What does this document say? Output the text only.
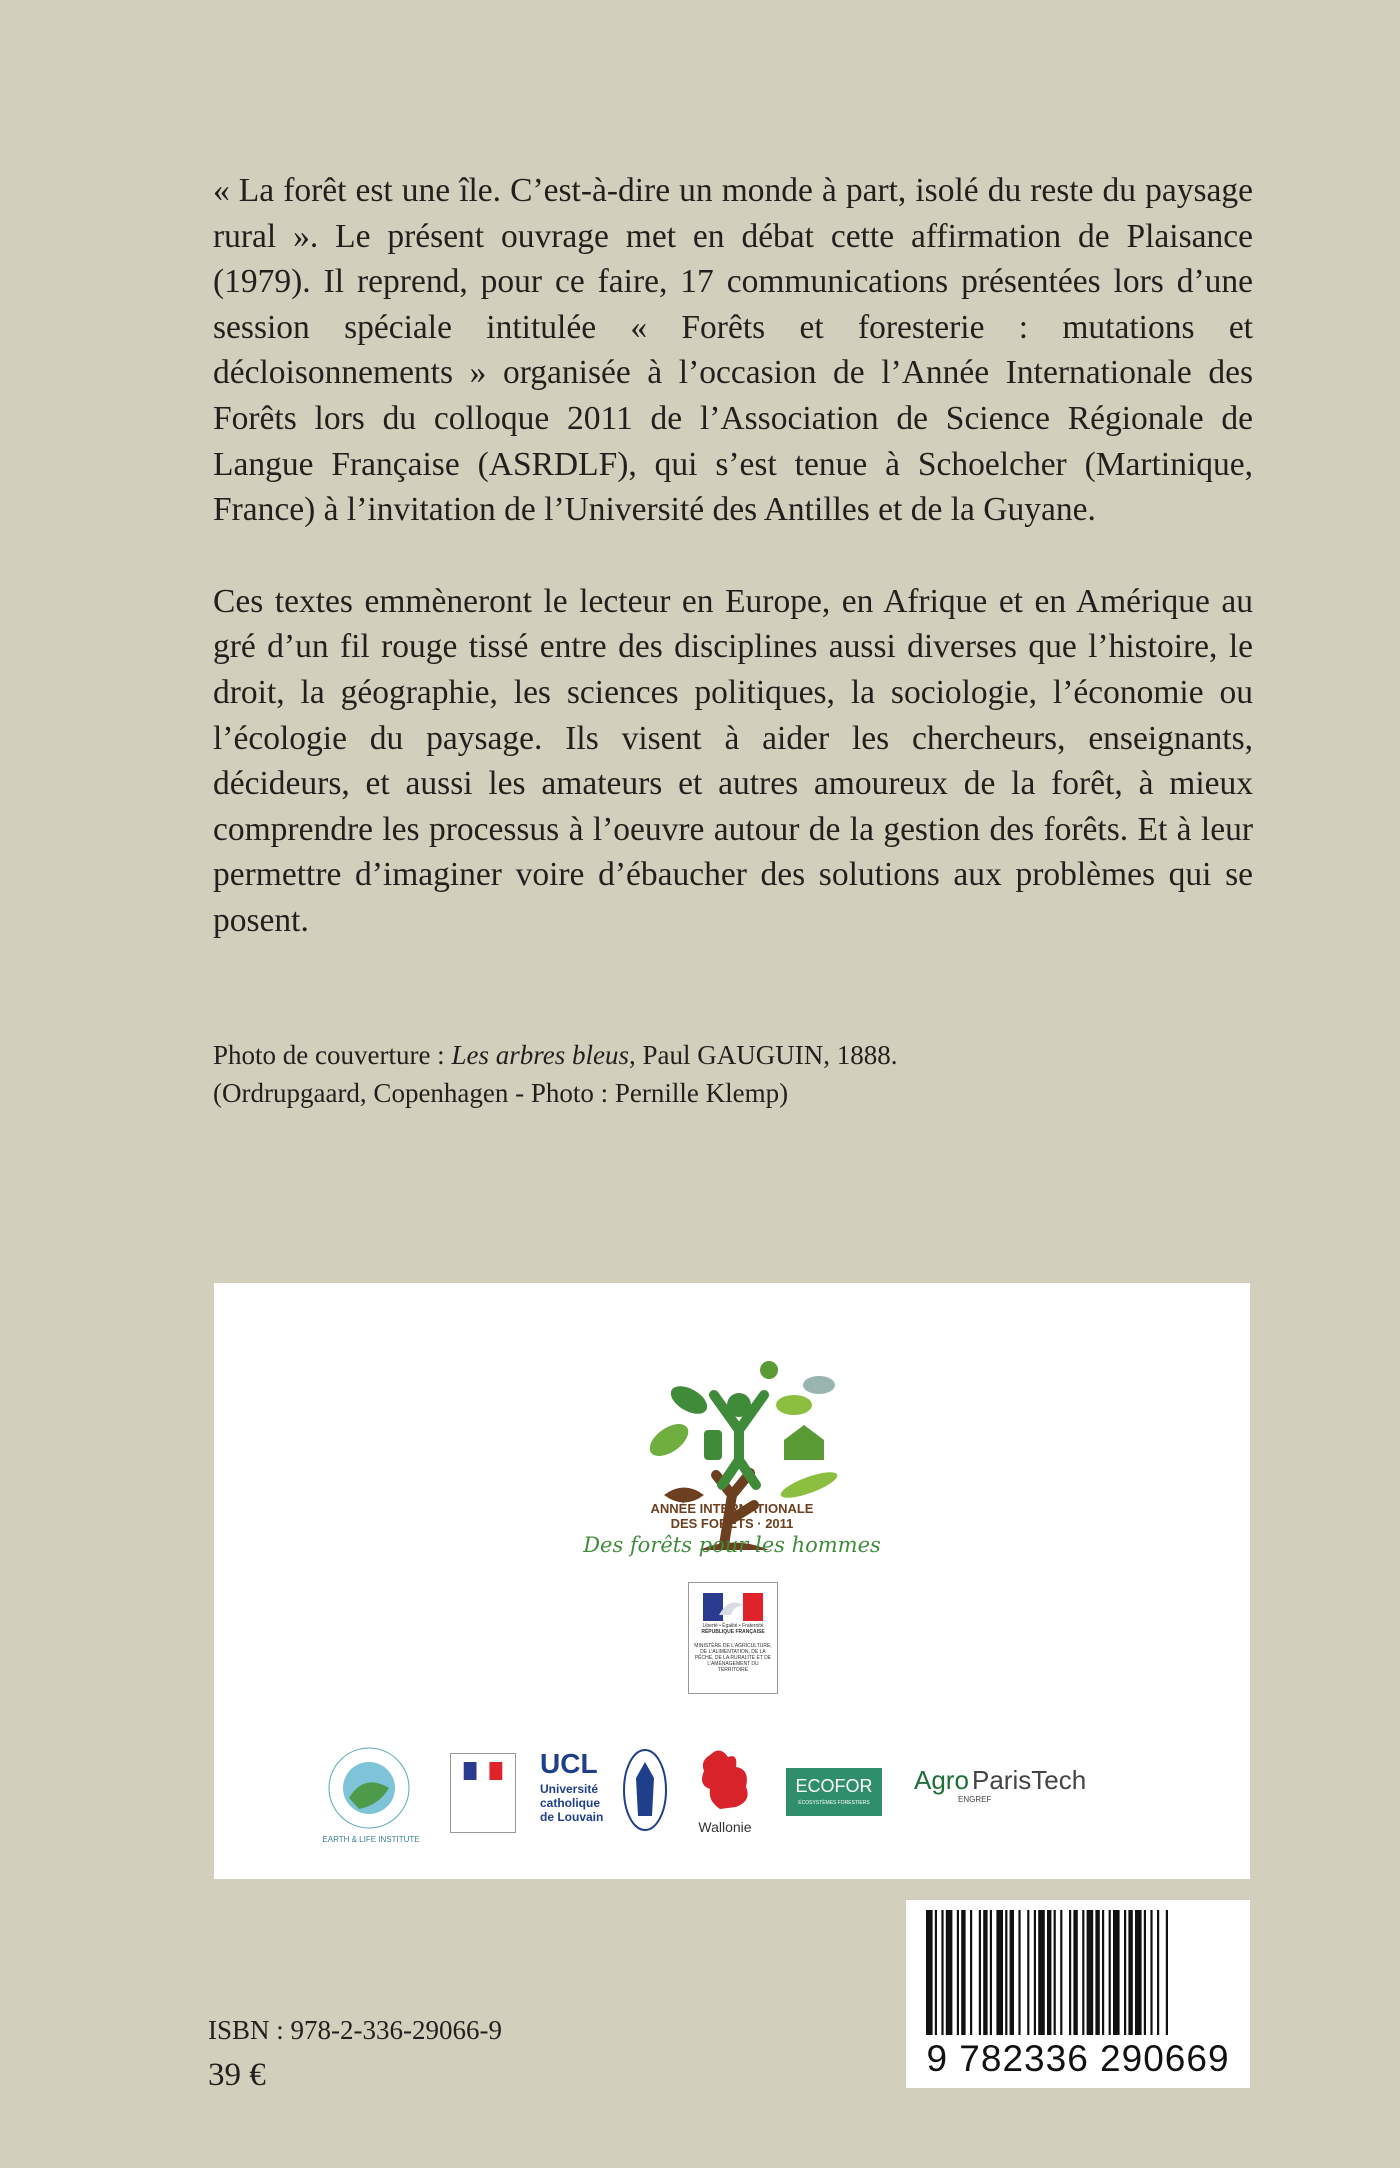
« La forêt est une île. C’est-à-dire un monde à part, isolé du reste du paysage rural ». Le présent ouvrage met en débat cette affirmation de Plaisance (1979). Il reprend, pour ce faire, 17 communications présentées lors d’une session spéciale intitulée « Forêts et foresterie : mutations et décloisonnements » organisée à l’occasion de l’Année Internationale des Forêts lors du colloque 2011 de l’Association de Science Régionale de Langue Française (ASRDLF), qui s’est tenue à Schoelcher (Martinique, France) à l’invitation de l’Université des Antilles et de la Guyane.

Ces textes emmèneront le lecteur en Europe, en Afrique et en Amérique au gré d’un fil rouge tissé entre des disciplines aussi diverses que l’histoire, le droit, la géographie, les sciences politiques, la sociologie, l’économie ou l’écologie du paysage. Ils visent à aider les chercheurs, enseignants, décideurs, et aussi les amateurs et autres amoureux de la forêt, à mieux comprendre les processus à l’oeuvre autour de la gestion des forêts. Et à leur permettre d’imaginer voire d’ébaucher des solutions aux problèmes qui se posent.

Photo de couverture : Les arbres bleus, Paul GAUGUIN, 1888.
(Ordrupgaard, Copenhagen - Photo : Pernille Klemp)
ANNÉE INTERNATIONALE
DES FORÊTS · 2011
Des forêts pour les hommes
Liberté • Égalité • Fraternité
RÉPUBLIQUE FRANÇAISE
MINISTÈRE DE L’AGRICULTURE, DE L’ALIMENTATION, DE LA PÊCHE, DE LA RURALITÉ ET DE L’AMÉNAGEMENT DU TERRITOIRE
EARTH & LIFE INSTITUTE
UCL
Université
catholique
de Louvain
Wallonie
ECOFOR
ÉCOSYSTÈMES FORESTIERS
Agro ParisTech
ENGREF
ISBN : 978-2-336-29066-9
39 €	9 782336 290669
